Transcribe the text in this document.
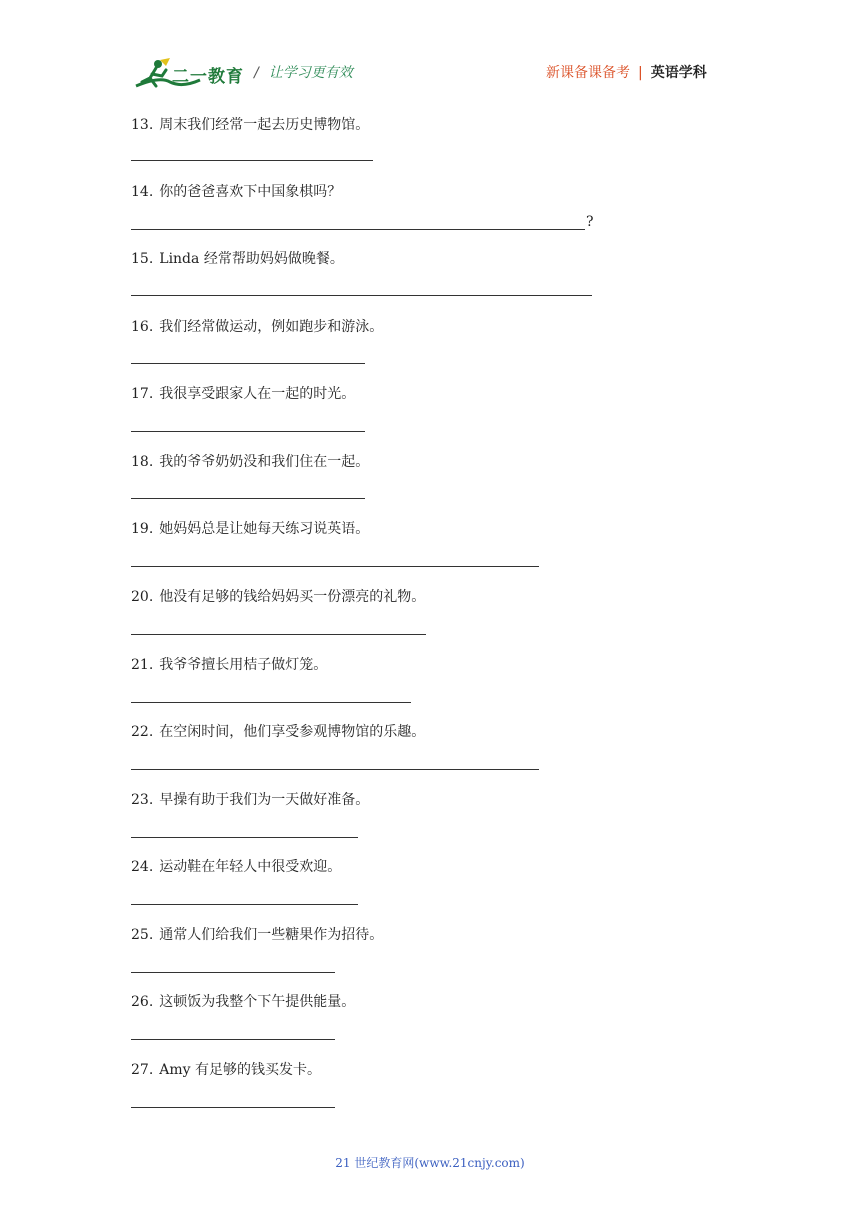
二一教育 / 让学习更有效	新课备课备考 | 英语学科
13. 周末我们经常一起去历史博物馆。
14. 你的爸爸喜欢下中国象棋吗？
?
15. Linda 经常帮助妈妈做晚餐。
16. 我们经常做运动，例如跑步和游泳。
17. 我很享受跟家人在一起的时光。
18. 我的爷爷奶奶没和我们住在一起。
19. 她妈妈总是让她每天练习说英语。
20. 他没有足够的钱给妈妈买一份漂亮的礼物。
21. 我爷爷擅长用桔子做灯笼。
22. 在空闲时间，他们享受参观博物馆的乐趣。
23. 早操有助于我们为一天做好准备。
24. 运动鞋在年轻人中很受欢迎。
25. 通常人们给我们一些糖果作为招待。
26. 这顿饭为我整个下午提供能量。
27. Amy 有足够的钱买发卡。
21 世纪教育网(www.21cnjy.com)
